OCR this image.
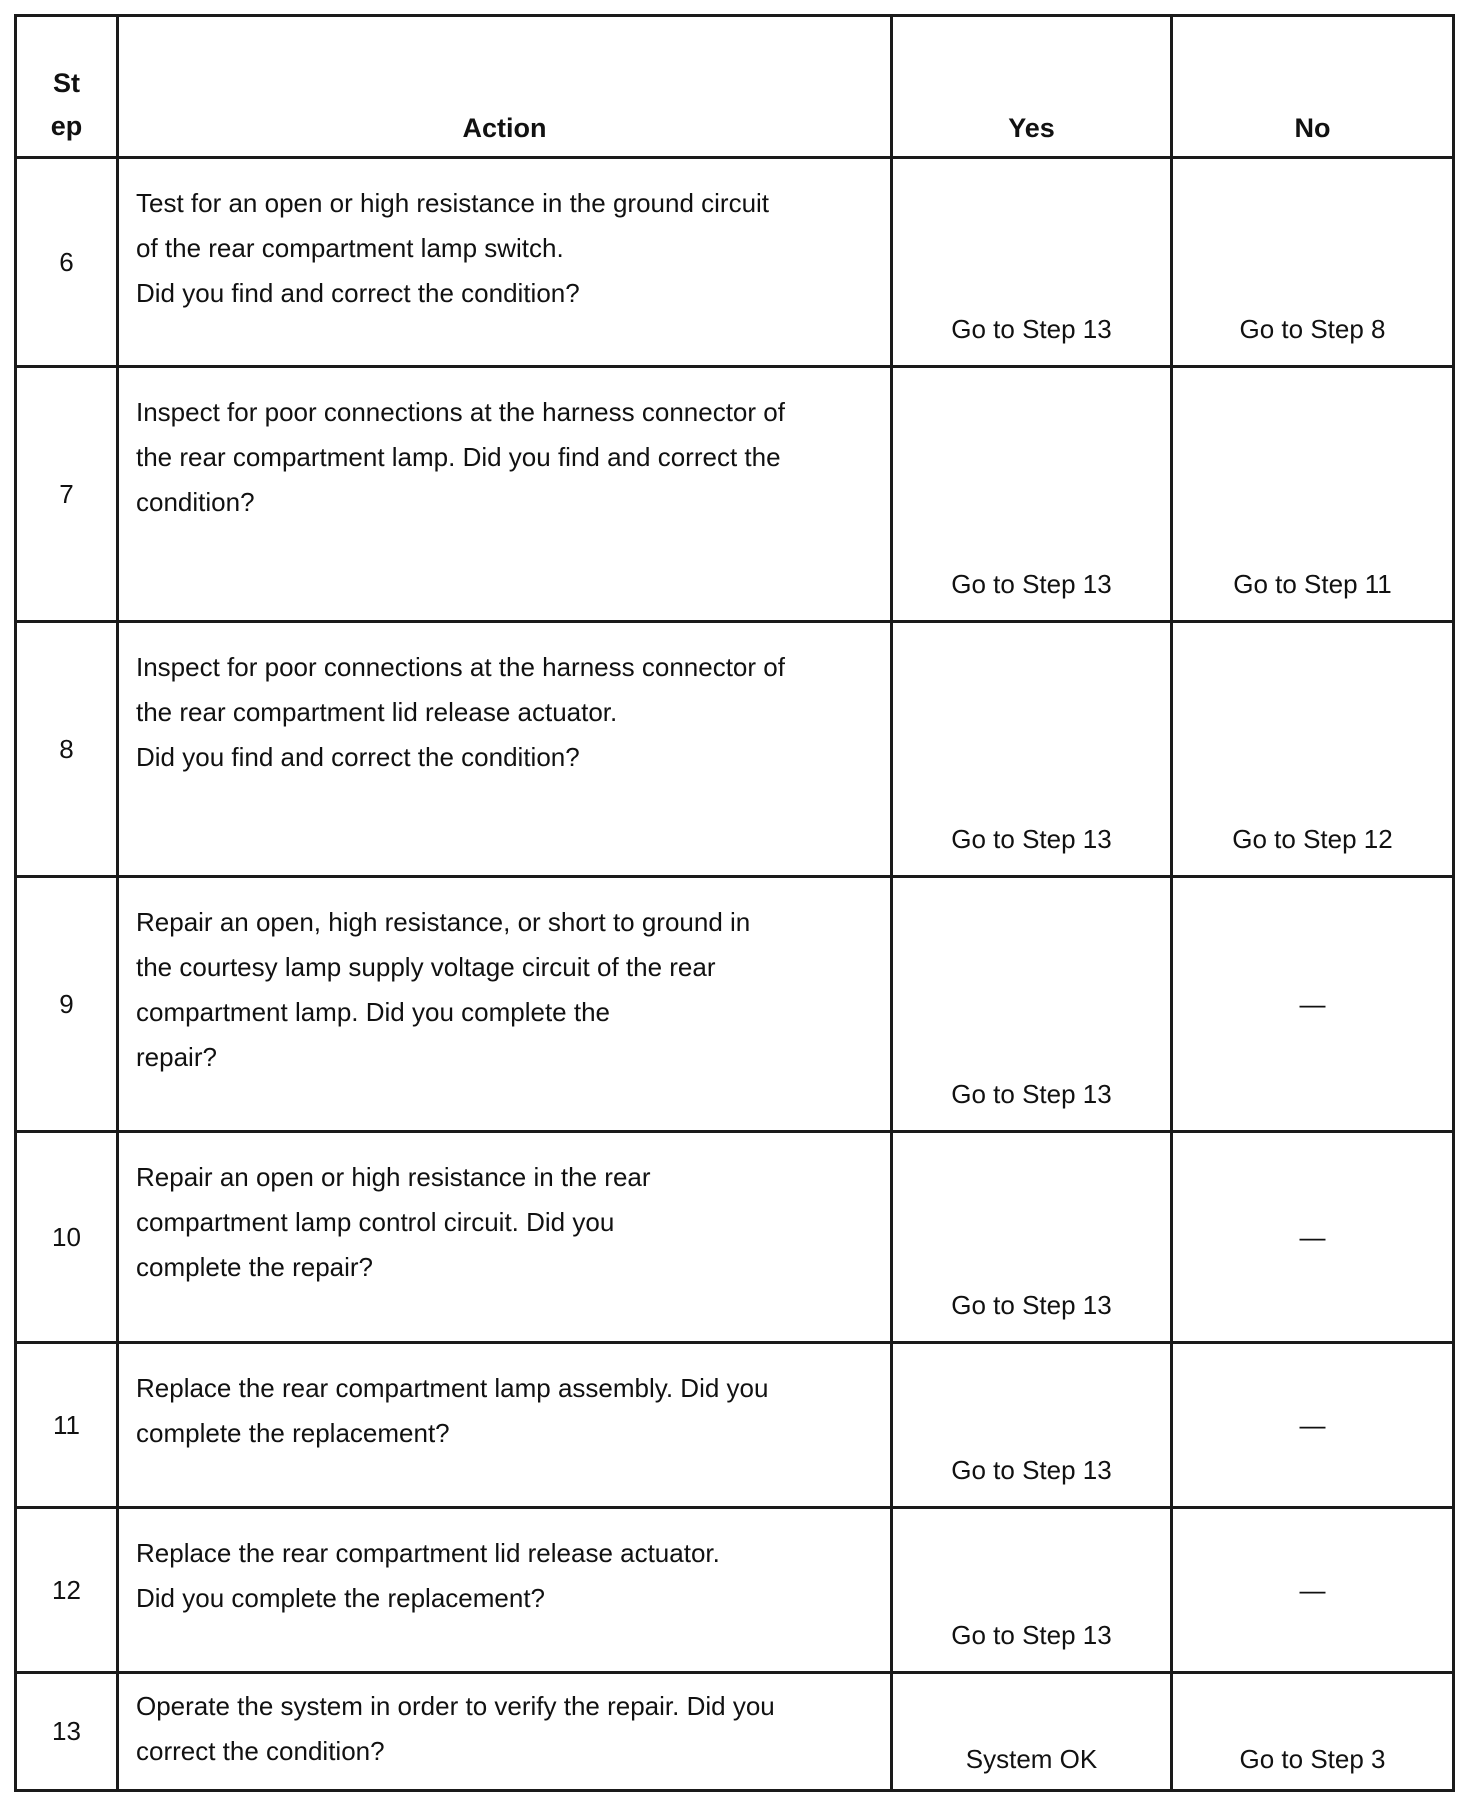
St
ep	Action	Yes	No

6	Test for an open or high resistance in the ground circuit
of the rear compartment lamp switch.
Did you find and correct the condition?	Go to Step 13	Go to Step 8

7	Inspect for poor connections at the harness connector of
the rear compartment lamp. Did you find and correct the
condition?	Go to Step 13	Go to Step 11

8	Inspect for poor connections at the harness connector of
the rear compartment lid release actuator.
Did you find and correct the condition?	Go to Step 13	Go to Step 12

9	Repair an open, high resistance, or short to ground in
the courtesy lamp supply voltage circuit of the rear
compartment lamp. Did you complete the
repair?	Go to Step 13	—
10	Repair an open or high resistance in the rear
compartment lamp control circuit. Did you
complete the repair?	Go to Step 13	—
11	Replace the rear compartment lamp assembly. Did you
complete the replacement?	Go to Step 13	—
12	Replace the rear compartment lid release actuator.
Did you complete the replacement?	Go to Step 13	—
13	Operate the system in order to verify the repair. Did you
correct the condition?	System OK	Go to Step 3
